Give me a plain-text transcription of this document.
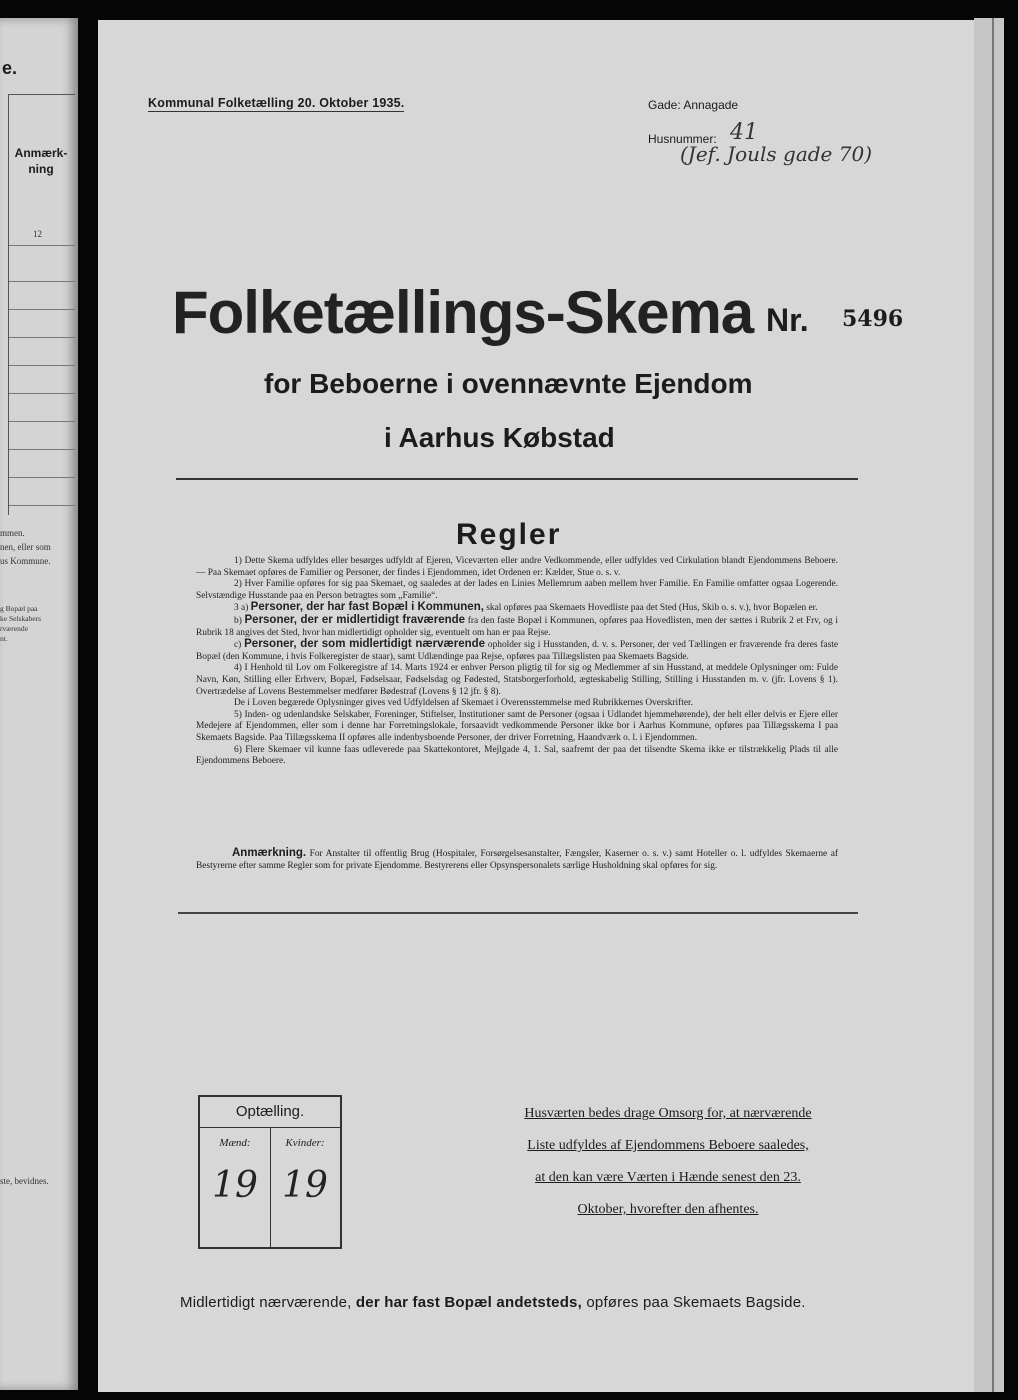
e.
Anmærk-
ning
12
mmen.
nen, eller som
us Kommune.
g Bopæl paa
ke Selskabers
rværende
nt.
ste, bevidnes.
Kommunal Folketælling 20. Oktober 1935.	Gade: Annagade
Husnummer: 41
(Jef. Jouls gade 70)
Folketællings-Skema Nr. 5496
for Beboerne i ovennævnte Ejendom
i Aarhus Købstad
Regler

1) Dette Skema udfyldes eller besørges udfyldt af Ejeren, Viceværten eller andre Vedkommende, eller udfyldes ved Cirkulation blandt Ejendommens Beboere. — Paa Skemaet opføres de Familier og Personer, der findes i Ejendommen, idet Ordenen er: Kælder, Stue o. s. v.

2) Hver Familie opføres for sig paa Skemaet, og saaledes at der lades en Linies Mellemrum aaben mellem hver Familie. En Familie omfatter ogsaa Logerende. Selvstændige Husstande paa en Person betragtes som „Familie“.

3 a) Personer, der har fast Bopæl i Kommunen, skal opføres paa Skemaets Hovedliste paa det Sted (Hus, Skib o. s. v.), hvor Bopælen er.

b) Personer, der er midlertidigt fraværende fra den faste Bopæl i Kommunen, opføres paa Hovedlisten, men der sættes i Rubrik 2 et Frv, og i Rubrik 18 angives det Sted, hvor han midlertidigt opholder sig, eventuelt om han er paa Rejse.

c) Personer, der som midlertidigt nærværende opholder sig i Husstanden, d. v. s. Personer, der ved Tællingen er fraværende fra deres faste Bopæl (den Kommune, i hvis Folkeregister de staar), samt Udlændinge paa Rejse, opføres paa Tillægslisten paa Skemaets Bagside.

4) I Henhold til Lov om Folkeregistre af 14. Marts 1924 er enhver Person pligtig til for sig og Medlemmer af sin Husstand, at meddele Oplysninger om: Fulde Navn, Køn, Stilling eller Erhverv, Bopæl, Fødselsaar, Fødselsdag og Fødested, Statsborgerforhold, ægteskabelig Stilling, Stilling i Husstanden m. v. (jfr. Lovens § 1). Overtrædelse af Lovens Bestemmelser medfører Bødestraf (Lovens § 12 jfr. § 8).

De i Loven begærede Oplysninger gives ved Udfyldelsen af Skemaet i Overensstemmelse med Rubrikkernes Overskrifter.

5) Inden- og udenlandske Selskaber, Foreninger, Stiftelser, Institutioner samt de Personer (ogsaa i Udlandet hjemmehørende), der helt eller delvis er Ejere eller Medejere af Ejendommen, eller som i denne har Forretningslokale, forsaavidt vedkommende Personer ikke bor i Aarhus Kommune, opføres paa Tillægsskema I paa Skemaets Bagside. Paa Tillægsskema II opføres alle indenbysboende Personer, der driver Forretning, Haandværk o. l. i Ejendommen.

6) Flere Skemaer vil kunne faas udleverede paa Skattekontoret, Mejlgade 4, 1. Sal, saafremt der paa det tilsendte Skema ikke er tilstrækkelig Plads til alle Ejendommens Beboere.

Anmærkning. For Anstalter til offentlig Brug (Hospitaler, Forsørgelsesanstalter, Fængsler, Kaserner o. s. v.) samt Hoteller o. l. udfyldes Skemaerne af Bestyrerne efter samme Regler som for private Ejendomme. Bestyrerens eller Opsynspersonalets særlige Husholdning skal opføres for sig.
Optælling.
Mænd:	Kvinder:
19 19
Husværten bedes drage Omsorg for, at nærværende
Liste udfyldes af Ejendommens Beboere saaledes,
at den kan være Værten i Hænde senest den 23.
Oktober, hvorefter den afhentes.
Midlertidigt nærværende, der har fast Bopæl andetsteds, opføres paa Skemaets Bagside.
